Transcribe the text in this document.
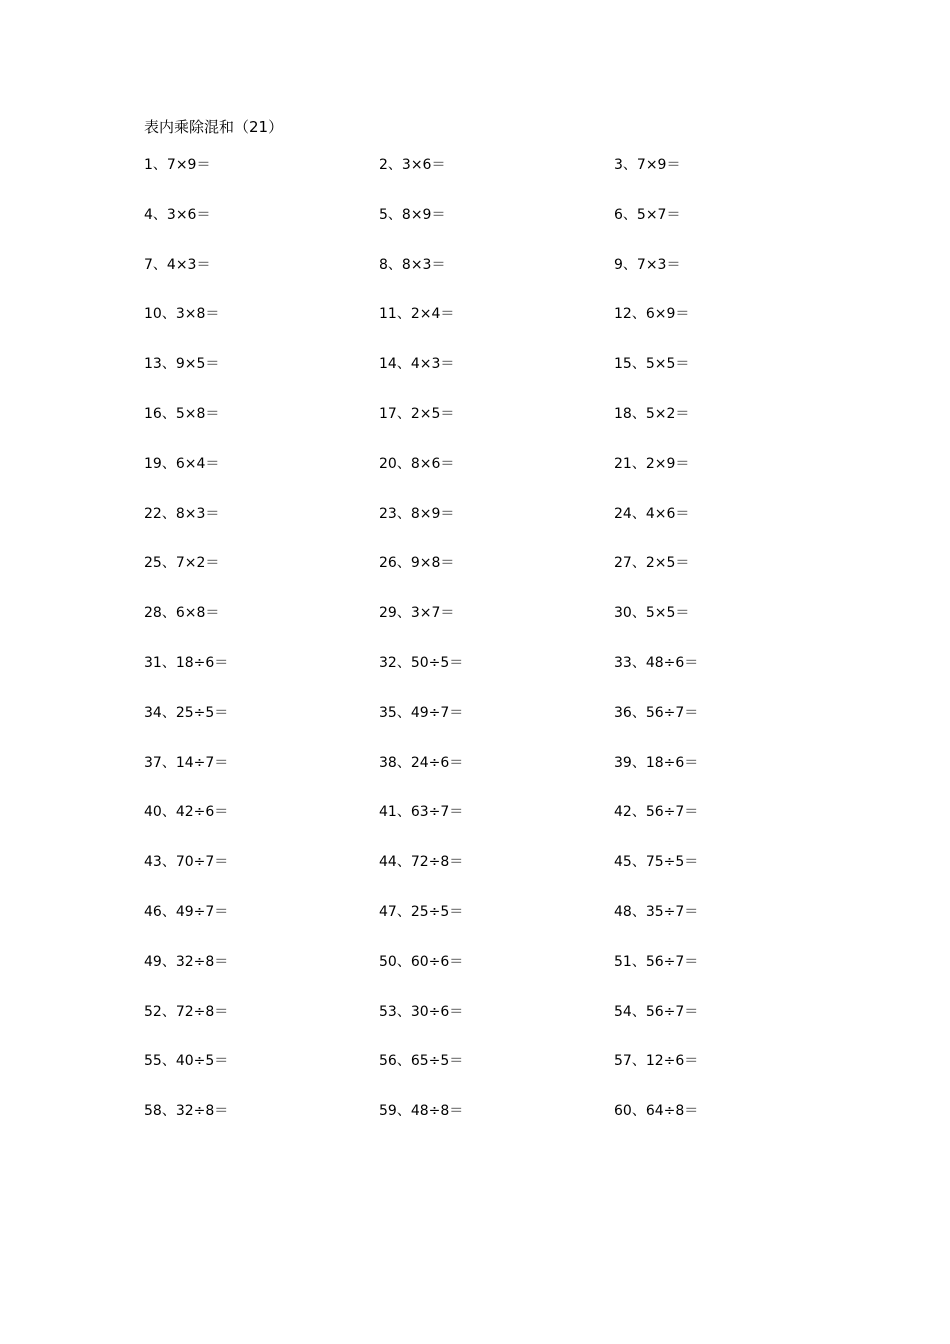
表内乘除混和（21）
1、7×9＝	2、3×6＝	3、7×9＝
4、3×6＝	5、8×9＝	6、5×7＝
7、4×3＝	8、8×3＝	9、7×3＝
10、3×8＝	11、2×4＝	12、6×9＝
13、9×5＝	14、4×3＝	15、5×5＝
16、5×8＝	17、2×5＝	18、5×2＝
19、6×4＝	20、8×6＝	21、2×9＝
22、8×3＝	23、8×9＝	24、4×6＝
25、7×2＝	26、9×8＝	27、2×5＝
28、6×8＝	29、3×7＝	30、5×5＝
31、18÷6＝	32、50÷5＝	33、48÷6＝
34、25÷5＝	35、49÷7＝	36、56÷7＝
37、14÷7＝	38、24÷6＝	39、18÷6＝
40、42÷6＝	41、63÷7＝	42、56÷7＝
43、70÷7＝	44、72÷8＝	45、75÷5＝
46、49÷7＝	47、25÷5＝	48、35÷7＝
49、32÷8＝	50、60÷6＝	51、56÷7＝
52、72÷8＝	53、30÷6＝	54、56÷7＝
55、40÷5＝	56、65÷5＝	57、12÷6＝
58、32÷8＝	59、48÷8＝	60、64÷8＝
